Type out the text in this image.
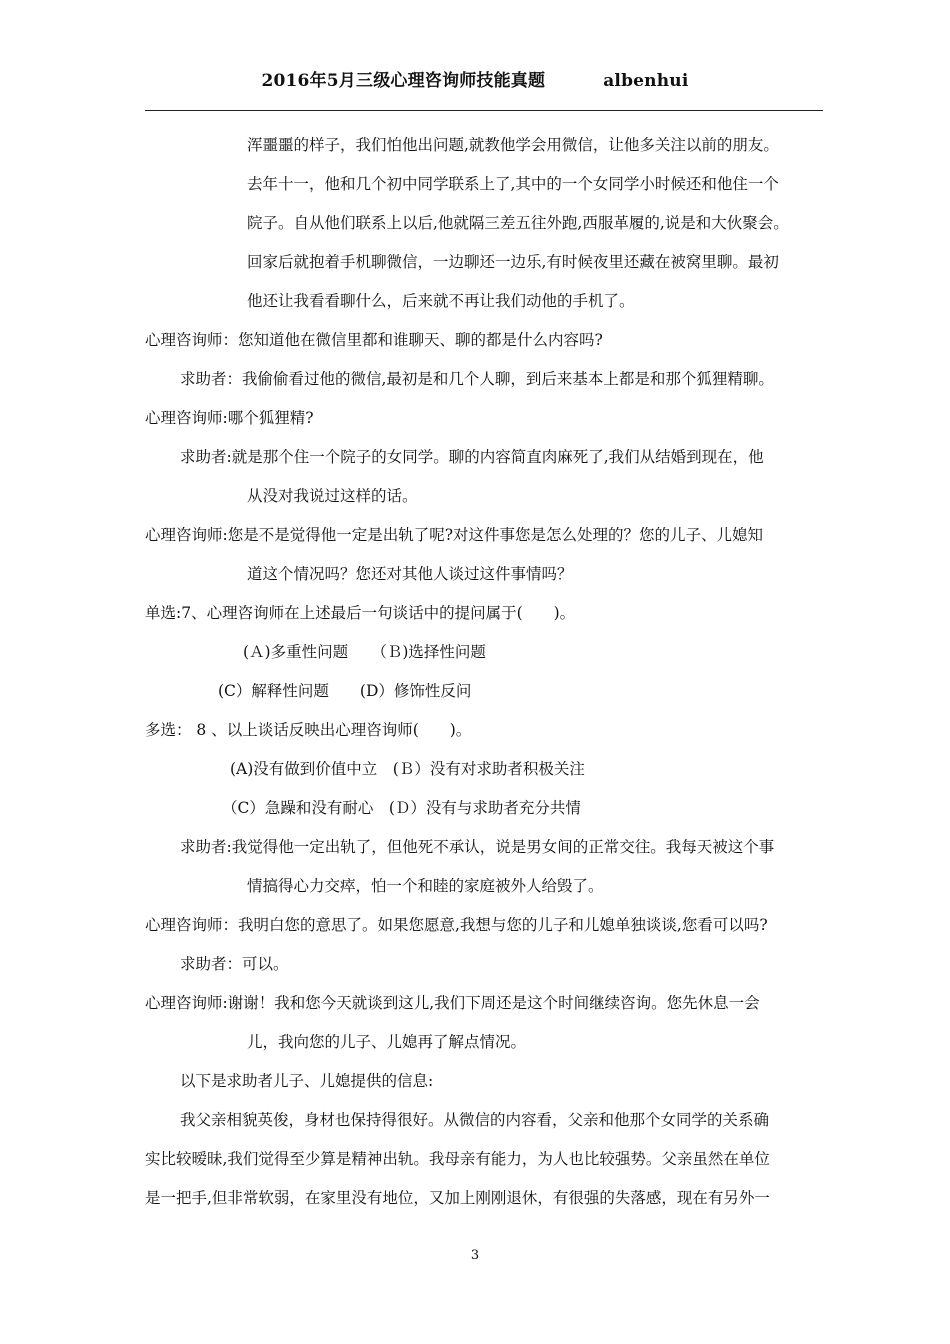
2016年5月三级心理咨询师技能真题	albenhui
浑噩噩的样子，我们怕他出问题,就教他学会用微信，让他多关注以前的朋友。
去年十一，他和几个初中同学联系上了,其中的一个女同学小时候还和他住一个
院子。自从他们联系上以后,他就隔三差五往外跑,西服革履的,说是和大伙聚会。
回家后就抱着手机聊微信，一边聊还一边乐,有时候夜里还藏在被窝里聊。最初
他还让我看看聊什么，后来就不再让我们动他的手机了。
心理咨询师：您知道他在微信里都和谁聊天、聊的都是什么内容吗?
求助者：我偷偷看过他的微信,最初是和几个人聊，到后来基本上都是和那个狐狸精聊。
心理咨询师:哪个狐狸精?
求助者:就是那个住一个院子的女同学。聊的内容简直肉麻死了,我们从结婚到现在，他
从没对我说过这样的话。
心理咨询师:您是不是觉得他一定是出轨了呢?对这件事您是怎么处理的？您的儿子、儿媳知
道这个情况吗？您还对其他人谈过这件事情吗？
单选:7、心理咨询师在上述最后一句谈话中的提问属于(　　)。
(Ａ)多重性问题　　（Ｂ)选择性问题
(C）解释性问题　　(D）修饰性反问
多选： 8 、以上谈话反映出心理咨询师(　　)。
(A)没有做到价值中立　(Ｂ）没有对求助者积极关注
（C）急躁和没有耐心　(Ｄ）没有与求助者充分共情
求助者:我觉得他一定出轨了，但他死不承认，说是男女间的正常交往。我每天被这个事
情搞得心力交瘁，怕一个和睦的家庭被外人给毁了。
心理咨询师：我明白您的意思了。如果您愿意,我想与您的儿子和儿媳单独谈谈,您看可以吗?
求助者：可以。
心理咨询师:谢谢！我和您今天就谈到这儿,我们下周还是这个时间继续咨询。您先休息一会
儿，我向您的儿子、儿媳再了解点情况。
以下是求助者儿子、儿媳提供的信息:
我父亲相貌英俊，身材也保持得很好。从微信的内容看，父亲和他那个女同学的关系确
实比较暧昧,我们觉得至少算是精神出轨。我母亲有能力，为人也比较强势。父亲虽然在单位
是一把手,但非常软弱，在家里没有地位，又加上刚刚退休，有很强的失落感，现在有另外一
3
